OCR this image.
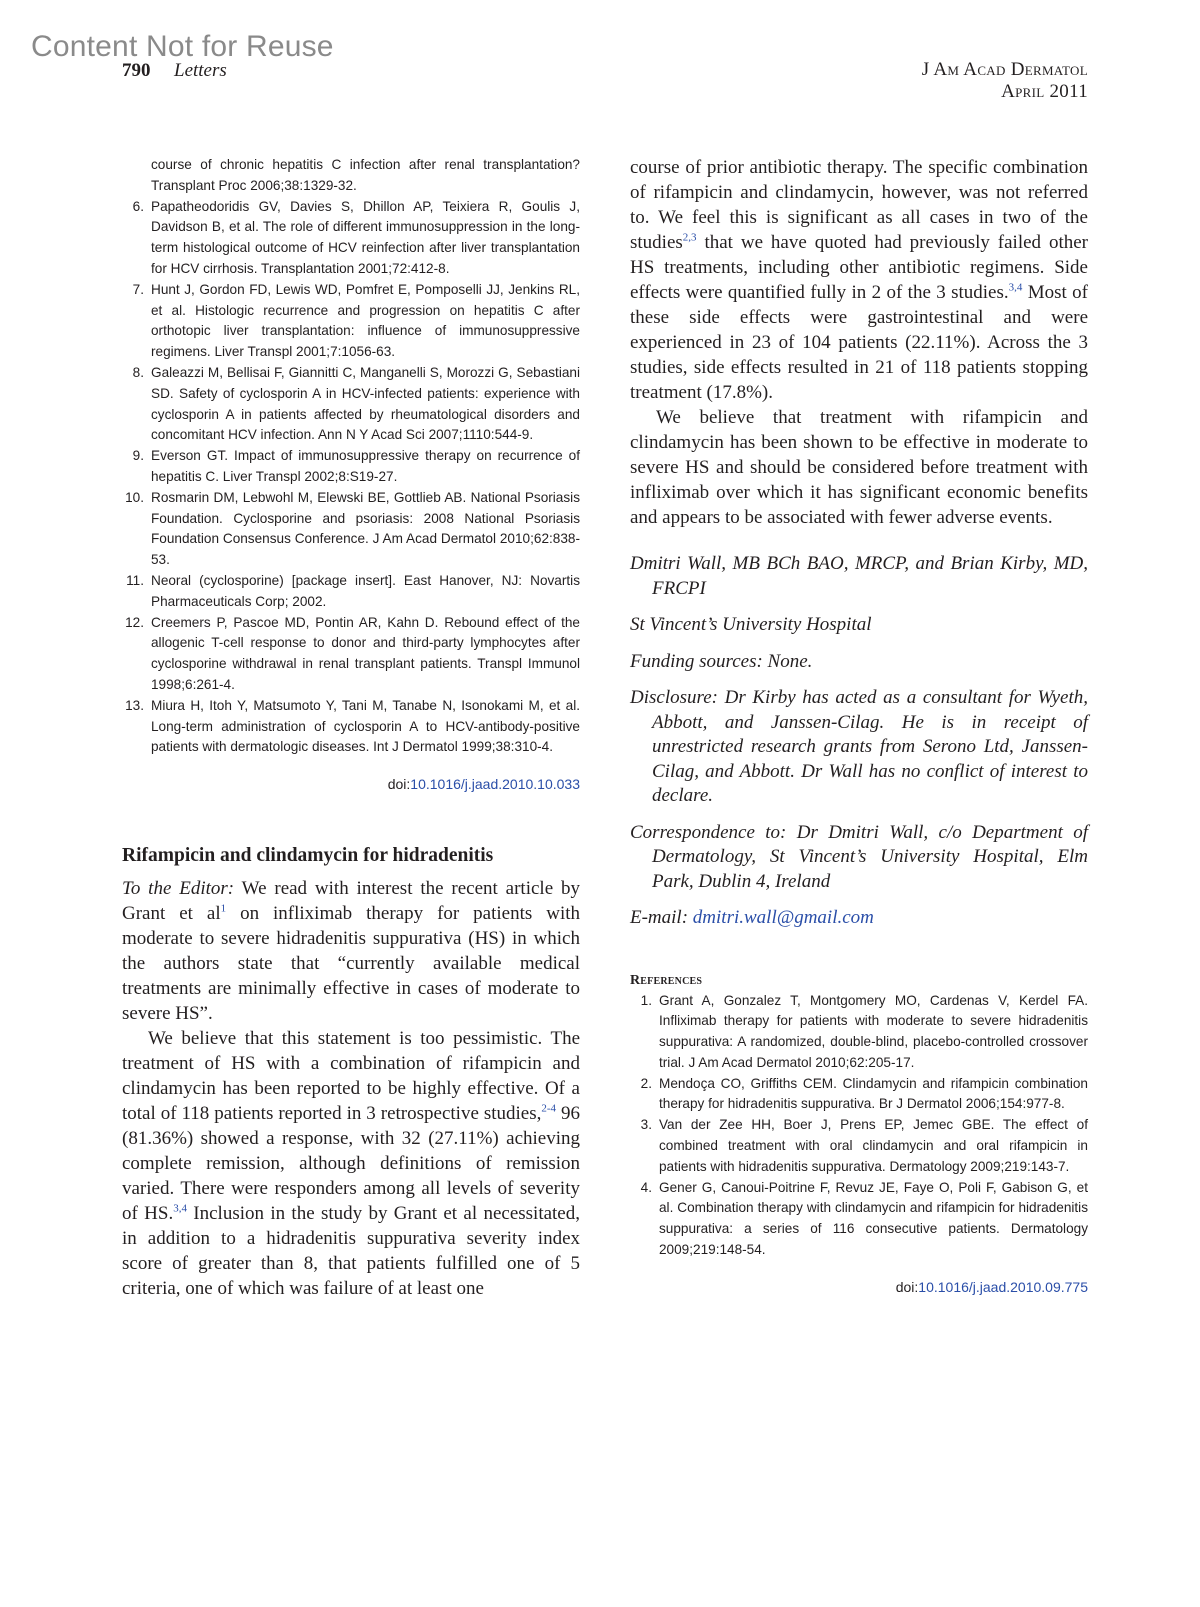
Content Not for Reuse
790 Letters	J Am Acad Dermatol
April 2011
course of chronic hepatitis C infection after renal transplantation? Transplant Proc 2006;38:1329-32.
6. Papatheodoridis GV, Davies S, Dhillon AP, Teixiera R, Goulis J, Davidson B, et al. The role of different immunosuppression in the long-term histological outcome of HCV reinfection after liver transplantation for HCV cirrhosis. Transplantation 2001;72:412-8.
7. Hunt J, Gordon FD, Lewis WD, Pomfret E, Pomposelli JJ, Jenkins RL, et al. Histologic recurrence and progression on hepatitis C after orthotopic liver transplantation: influence of immunosuppressive regimens. Liver Transpl 2001;7:1056-63.
8. Galeazzi M, Bellisai F, Giannitti C, Manganelli S, Morozzi G, Sebastiani SD. Safety of cyclosporin A in HCV-infected patients: experience with cyclosporin A in patients affected by rheumatological disorders and concomitant HCV infection. Ann N Y Acad Sci 2007;1110:544-9.
9. Everson GT. Impact of immunosuppressive therapy on recurrence of hepatitis C. Liver Transpl 2002;8:S19-27.
10. Rosmarin DM, Lebwohl M, Elewski BE, Gottlieb AB. National Psoriasis Foundation. Cyclosporine and psoriasis: 2008 National Psoriasis Foundation Consensus Conference. J Am Acad Dermatol 2010;62:838-53.
11. Neoral (cyclosporine) [package insert]. East Hanover, NJ: Novartis Pharmaceuticals Corp; 2002.
12. Creemers P, Pascoe MD, Pontin AR, Kahn D. Rebound effect of the allogenic T-cell response to donor and third-party lymphocytes after cyclosporine withdrawal in renal transplant patients. Transpl Immunol 1998;6:261-4.
13. Miura H, Itoh Y, Matsumoto Y, Tani M, Tanabe N, Isonokami M, et al. Long-term administration of cyclosporin A to HCV-antibody-positive patients with dermatologic diseases. Int J Dermatol 1999;38:310-4.
doi:10.1016/j.jaad.2010.10.033
Rifampicin and clindamycin for hidradenitis

To the Editor: We read with interest the recent article by Grant et al$^1$ on infliximab therapy for patients with moderate to severe hidradenitis suppurativa (HS) in which the authors state that “currently available medical treatments are minimally effective in cases of moderate to severe HS”.

We believe that this statement is too pessimistic. The treatment of HS with a combination of rifampicin and clindamycin has been reported to be highly effective. Of a total of 118 patients reported in 3 retrospective studies,$^{2-4}$ 96 (81.36%) showed a response, with 32 (27.11%) achieving complete remission, although definitions of remission varied. There were responders among all levels of severity of HS.$^{3,4}$ Inclusion in the study by Grant et al necessitated, in addition to a hidradenitis suppurativa severity index score of greater than 8, that patients fulfilled one of 5 criteria, one of which was failure of at least one

course of prior antibiotic therapy. The specific combination of rifampicin and clindamycin, however, was not referred to. We feel this is significant as all cases in two of the studies$^{2,3}$ that we have quoted had previously failed other HS treatments, including other antibiotic regimens. Side effects were quantified fully in 2 of the 3 studies.$^{3,4}$ Most of these side effects were gastrointestinal and were experienced in 23 of 104 patients (22.11%). Across the 3 studies, side effects resulted in 21 of 118 patients stopping treatment (17.8%).

We believe that treatment with rifampicin and clindamycin has been shown to be effective in moderate to severe HS and should be considered before treatment with infliximab over which it has significant economic benefits and appears to be associated with fewer adverse events.

Dmitri Wall, MB BCh BAO, MRCP, and Brian Kirby, MD, FRCPI

St Vincent’s University Hospital

Funding sources: None.

Disclosure: Dr Kirby has acted as a consultant for Wyeth, Abbott, and Janssen-Cilag. He is in receipt of unrestricted research grants from Serono Ltd, Janssen-Cilag, and Abbott. Dr Wall has no conflict of interest to declare.

Correspondence to: Dr Dmitri Wall, c/o Department of Dermatology, St Vincent’s University Hospital, Elm Park, Dublin 4, Ireland

E-mail: dmitri.wall@gmail.com

References
1. Grant A, Gonzalez T, Montgomery MO, Cardenas V, Kerdel FA. Infliximab therapy for patients with moderate to severe hidradenitis suppurativa: A randomized, double-blind, placebo-controlled crossover trial. J Am Acad Dermatol 2010;62:205-17.
2. Mendoça CO, Griffiths CEM. Clindamycin and rifampicin combination therapy for hidradenitis suppurativa. Br J Dermatol 2006;154:977-8.
3. Van der Zee HH, Boer J, Prens EP, Jemec GBE. The effect of combined treatment with oral clindamycin and oral rifampicin in patients with hidradenitis suppurativa. Dermatology 2009;219:143-7.
4. Gener G, Canoui-Poitrine F, Revuz JE, Faye O, Poli F, Gabison G, et al. Combination therapy with clindamycin and rifampicin for hidradenitis suppurativa: a series of 116 consecutive patients. Dermatology 2009;219:148-54.
doi:10.1016/j.jaad.2010.09.775
